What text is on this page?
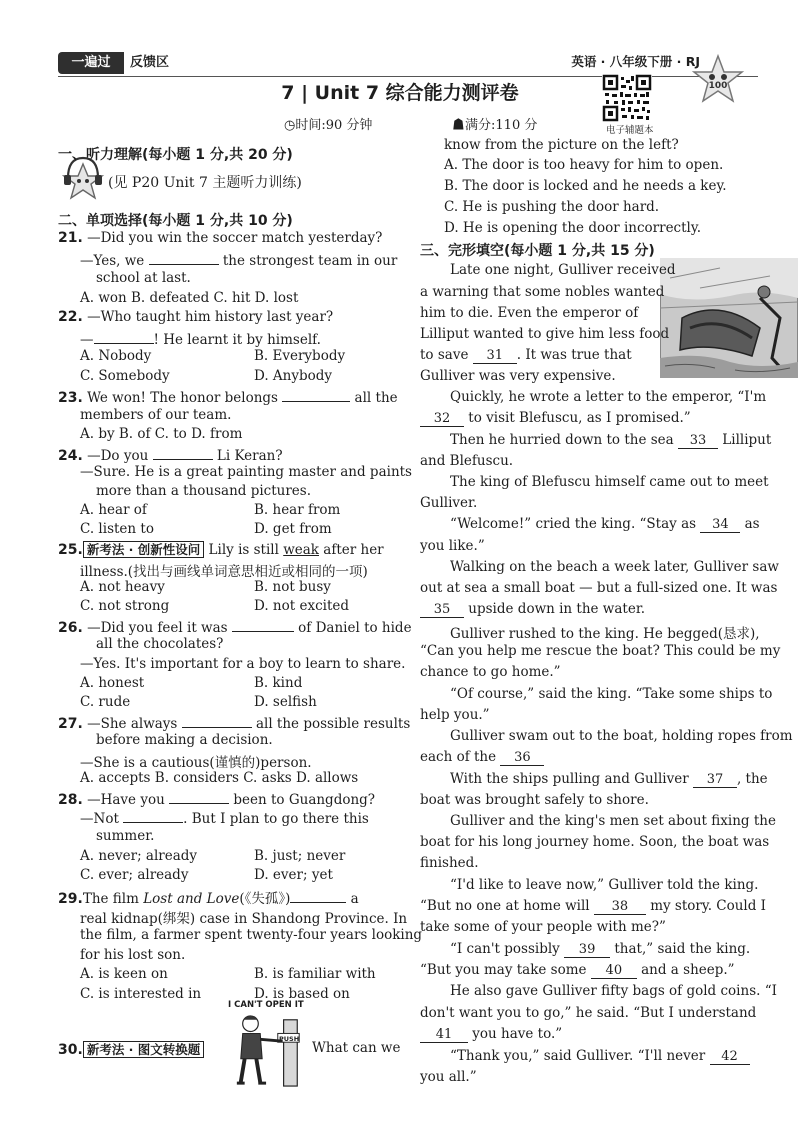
一遍过	反馈区	英语 · 八年级下册 · RJ
100
7 | Unit 7 综合能力测评卷
电子辅题本
◷时间:90 分钟	☗满分:110 分
一、听力理解(每小题 1 分,共 20 分)
(见 P20 Unit 7 主题听力训练)
二、单项选择(每小题 1 分,共 10 分)
21. —Did you win the soccer match yesterday?
—Yes, we	the strongest team in our
school at last.
A. won B. defeated C. hit D. lost
22. —Who taught him history last year?
—	! He learnt it by himself.
A. Nobody	B. Everybody
C. Somebody	D. Anybody
23. We won! The honor belongs	all the
members of our team.
A. by B. of C. to D. from
24. —Do you	Li Keran?
—Sure. He is a great painting master and paints
more than a thousand pictures.
A. hear of	B. hear from
C. listen to	D. get from
25. 新考法 · 创新性设问 Lily is still weak after her
illness.(找出与画线单词意思相近或相同的一项)
A. not heavy	B. not busy
C. not strong	D. not excited
26. —Did you feel it was	of Daniel to hide
all the chocolates?
—Yes. It's important for a boy to learn to share.
A. honest	B. kind
C. rude	D. selfish
27. —She always	all the possible results
before making a decision.
—She is a cautious(谨慎的)person.
A. accepts B. considers C. asks D. allows
28. —Have you	been to Guangdong?
—Not	. But I plan to go there this
summer.
A. never; already	B. just; never
C. ever; already	D. ever; yet
29.The film Lost and Love(《失孤》)	a
real kidnap(绑架) case in Shandong Province. In
the film, a farmer spent twenty-four years looking
for his lost son.
A. is keen on	B. is familiar with
C. is interested in	D. is based on
30. 新考法 · 图文转换题	What can we
I CAN'T OPEN IT
PUSH
know from the picture on the left?
A. The door is too heavy for him to open.
B. The door is locked and he needs a key.
C. He is pushing the door hard.
D. He is opening the door incorrectly.
三、完形填空(每小题 1 分,共 15 分)
Late one night, Gulliver received
a warning that some nobles wanted
him to die. Even the emperor of
Lilliput wanted to give him less food
to save 31 . It was true that
Gulliver was very expensive.
Quickly, he wrote a letter to the emperor, “I'm
32 to visit Blefuscu, as I promised.”
Then he hurried down to the sea 33 Lilliput
and Blefuscu.
The king of Blefuscu himself came out to meet
Gulliver.
“Welcome!” cried the king. “Stay as 34 as
you like.”
Walking on the beach a week later, Gulliver saw
out at sea a small boat — but a full-sized one. It was
35 upside down in the water.
Gulliver rushed to the king. He begged(恳求),
“Can you help me rescue the boat? This could be my
chance to go home.”
“Of course,” said the king. “Take some ships to
help you.”
Gulliver swam out to the boat, holding ropes from
each of the 36
With the ships pulling and Gulliver 37 , the
boat was brought safely to shore.
Gulliver and the king's men set about fixing the
boat for his long journey home. Soon, the boat was
finished.
“I'd like to leave now,” Gulliver told the king.
“But no one at home will 38 my story. Could I
take some of your people with me?”
“I can't possibly 39 that,” said the king.
“But you may take some 40 and a sheep.”
He also gave Gulliver fifty bags of gold coins. “I
don't want you to go,” he said. “But I understand
41 you have to.”
“Thank you,” said Gulliver. “I'll never 42
you all.”
